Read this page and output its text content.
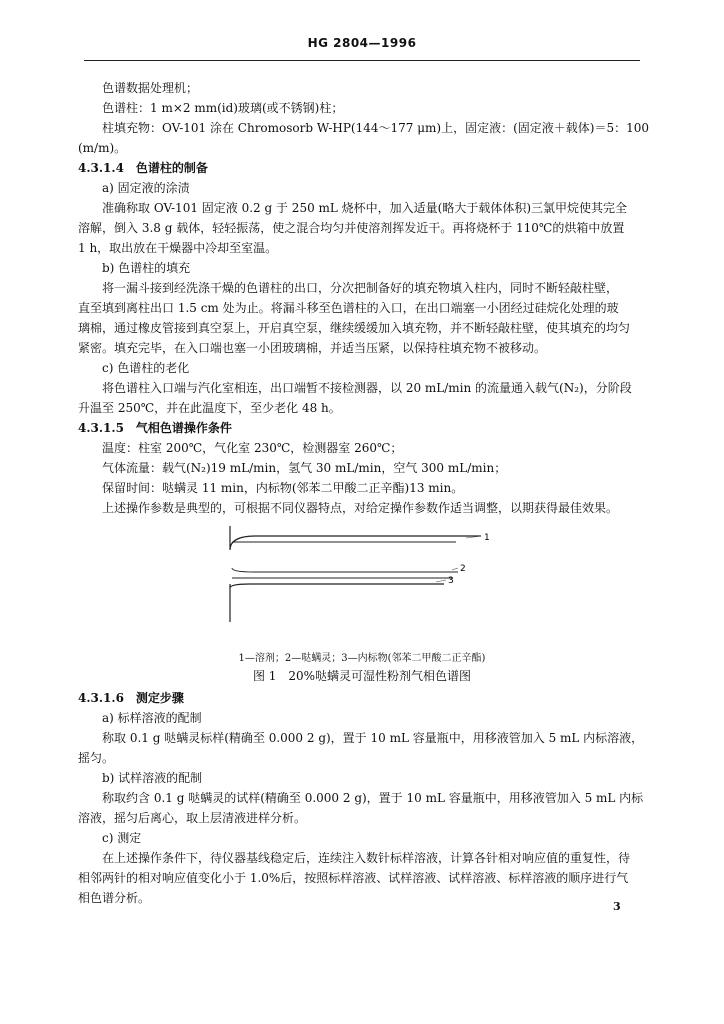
HG 2804—1996
色谱数据处理机；
色谱柱：1 m×2 mm(id)玻璃(或不锈钢)柱；
柱填充物：OV-101 涂在 Chromosorb W-HP(144～177 μm)上，固定液：(固定液＋载体)＝5：100
(m/m)。
4.3.1.4　色谱柱的制备
a) 固定液的涂渍
准确称取 OV-101 固定液 0.2 g 于 250 mL 烧杯中，加入适量(略大于载体体积)三氯甲烷使其完全
溶解，倒入 3.8 g 载体，轻轻振荡，使之混合均匀并使溶剂挥发近干。再将烧杯于 110℃的烘箱中放置
1 h，取出放在干燥器中冷却至室温。
b) 色谱柱的填充
将一漏斗接到经洗涤干燥的色谱柱的出口，分次把制备好的填充物填入柱内，同时不断轻敲柱壁，
直至填到离柱出口 1.5 cm 处为止。将漏斗移至色谱柱的入口，在出口端塞一小团经过硅烷化处理的玻
璃棉，通过橡皮管接到真空泵上，开启真空泵，继续缓缓加入填充物，并不断轻敲柱壁，使其填充的均匀
紧密。填充完毕，在入口端也塞一小团玻璃棉，并适当压紧，以保持柱填充物不被移动。
c) 色谱柱的老化
将色谱柱入口端与汽化室相连，出口端暂不接检测器，以 20 mL/min 的流量通入载气(N₂)，分阶段
升温至 250℃，并在此温度下，至少老化 48 h。
4.3.1.5　气相色谱操作条件
温度：柱室 200℃，气化室 230℃，检测器室 260℃；
气体流量：载气(N₂)19 mL/min，氢气 30 mL/min，空气 300 mL/min；
保留时间：哒螨灵 11 min，内标物(邻苯二甲酸二正辛酯)13 min。
上述操作参数是典型的，可根据不同仪器特点，对给定操作参数作适当调整，以期获得最佳效果。
1
2
3
1—溶剂；2—哒螨灵；3—内标物(邻苯二甲酸二正辛酯)
图 1　20%哒螨灵可湿性粉剂气相色谱图
4.3.1.6　测定步骤
a) 标样溶液的配制
称取 0.1 g 哒螨灵标样(精确至 0.000 2 g)，置于 10 mL 容量瓶中，用移液管加入 5 mL 内标溶液，
摇匀。
b) 试样溶液的配制
称取约含 0.1 g 哒螨灵的试样(精确至 0.000 2 g)，置于 10 mL 容量瓶中，用移液管加入 5 mL 内标
溶液，摇匀后离心，取上层清液进样分析。
c) 测定
在上述操作条件下，待仪器基线稳定后，连续注入数针标样溶液，计算各针相对响应值的重复性，待
相邻两针的相对响应值变化小于 1.0%后，按照标样溶液、试样溶液、试样溶液、标样溶液的顺序进行气
相色谱分析。
3
